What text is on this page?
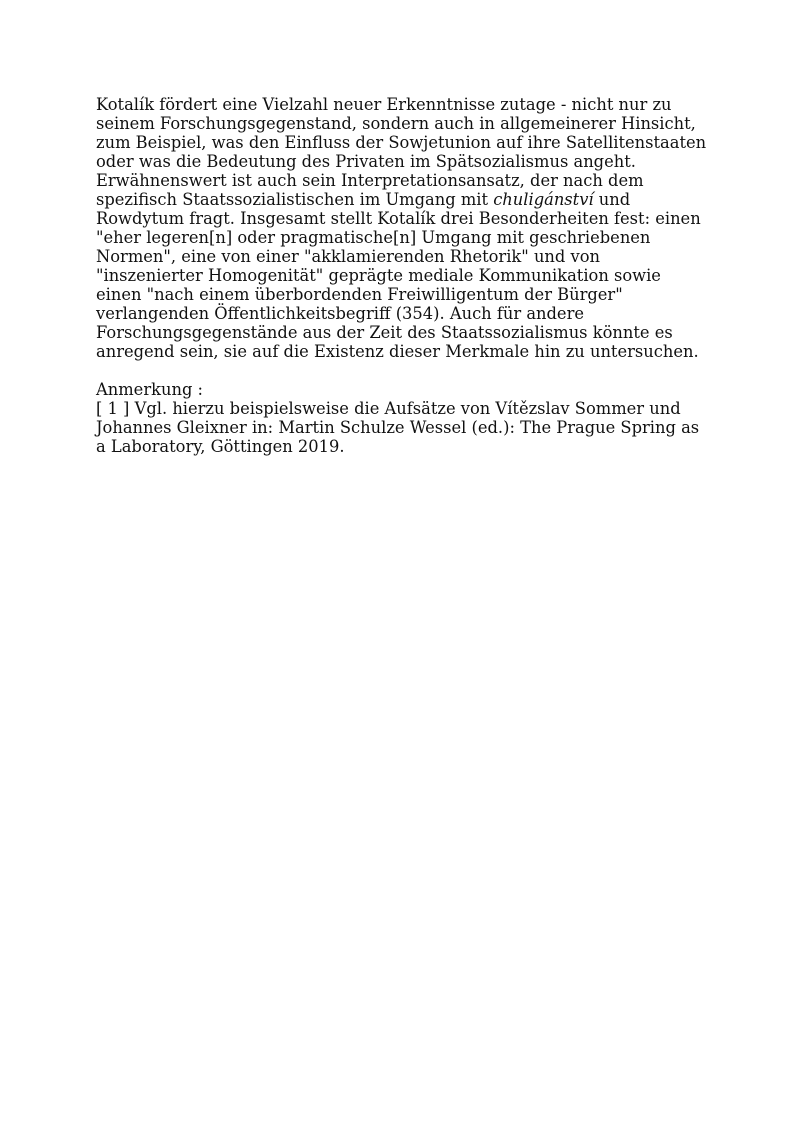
Kotalík fördert eine Vielzahl neuer Erkenntnisse zutage - nicht nur zu
seinem Forschungsgegenstand, sondern auch in allgemeinerer Hinsicht,
zum Beispiel, was den Einfluss der Sowjetunion auf ihre Satellitenstaaten
oder was die Bedeutung des Privaten im Spätsozialismus angeht.
Erwähnenswert ist auch sein Interpretationsansatz, der nach dem
spezifisch Staatssozialistischen im Umgang mit chuligánství und
Rowdytum fragt. Insgesamt stellt Kotalík drei Besonderheiten fest: einen
"eher legeren[n] oder pragmatische[n] Umgang mit geschriebenen
Normen", eine von einer "akklamierenden Rhetorik" und von
"inszenierter Homogenität" geprägte mediale Kommunikation sowie
einen "nach einem überbordenden Freiwilligentum der Bürger"
verlangenden Öffentlichkeitsbegriff (354). Auch für andere
Forschungsgegenstände aus der Zeit des Staatssozialismus könnte es
anregend sein, sie auf die Existenz dieser Merkmale hin zu untersuchen.
Anmerkung :
[ 1 ] Vgl. hierzu beispielsweise die Aufsätze von Vítězslav Sommer und
Johannes Gleixner in: Martin Schulze Wessel (ed.): The Prague Spring as
a Laboratory, Göttingen 2019.
